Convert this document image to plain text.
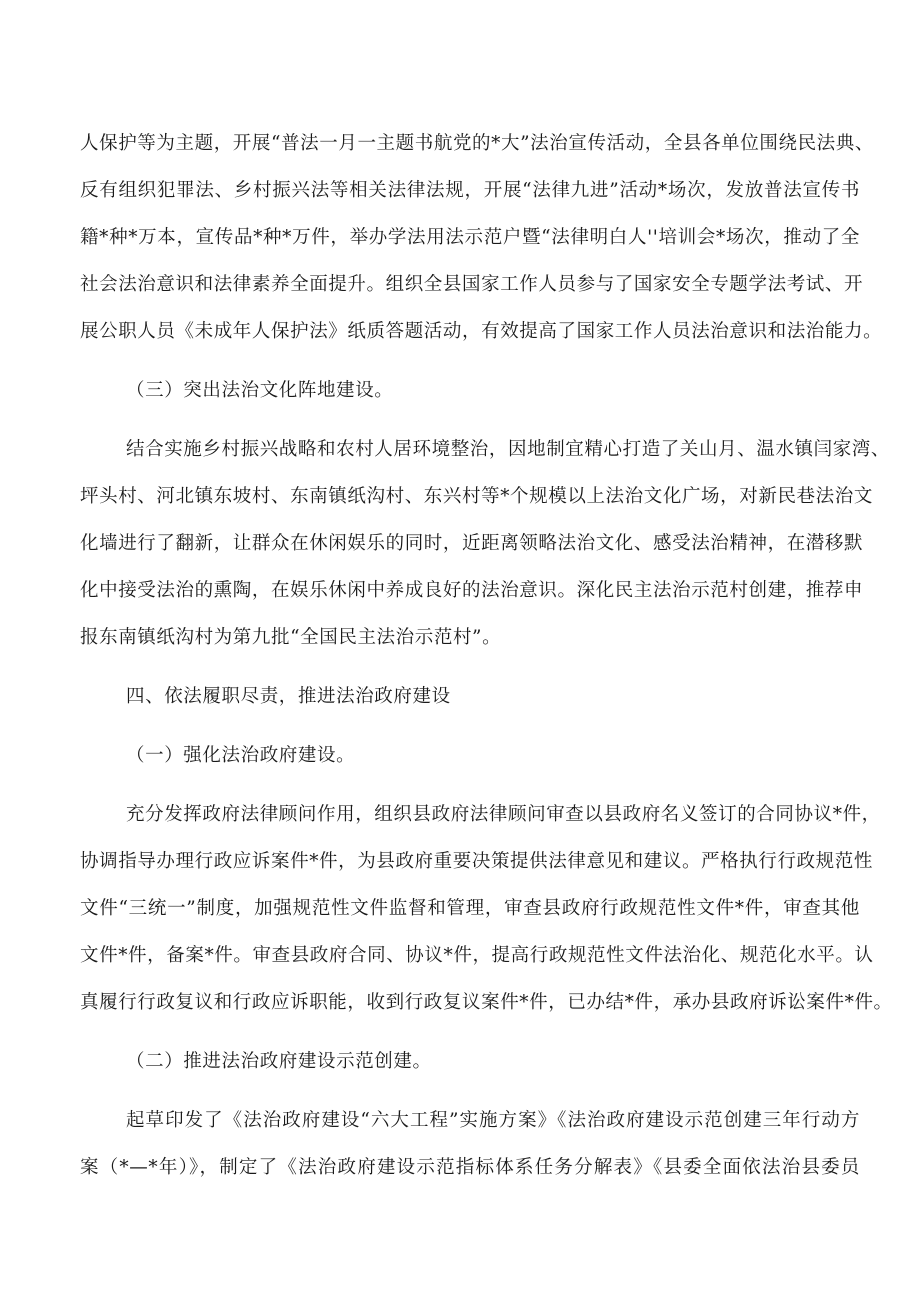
人保护等为主题，开展“普法一月一主题书航党的*大”法治宣传活动，全县各单位围绕民法典、
反有组织犯罪法、乡村振兴法等相关法律法规，开展“法律九进”活动*场次，发放普法宣传书
籍*种*万本，宣传品*种*万件，举办学法用法示范户暨“法律明白人''培训会*场次，推动了全
社会法治意识和法律素养全面提升。组织全县国家工作人员参与了国家安全专题学法考试、开
展公职人员《未成年人保护法》纸质答题活动，有效提高了国家工作人员法治意识和法治能力。
（三）突出法治文化阵地建设。
结合实施乡村振兴战略和农村人居环境整治，因地制宜精心打造了关山月、温水镇闫家湾、
坪头村、河北镇东坡村、东南镇纸沟村、东兴村等*个规模以上法治文化广场，对新民巷法治文
化墙进行了翻新，让群众在休闲娱乐的同时，近距离领略法治文化、感受法治精神，在潜移默
化中接受法治的熏陶，在娱乐休闲中养成良好的法治意识。深化民主法治示范村创建，推荐申
报东南镇纸沟村为第九批“全国民主法治示范村”。
四、依法履职尽责，推进法治政府建设
（一）强化法治政府建设。
充分发挥政府法律顾问作用，组织县政府法律顾问审查以县政府名义签订的合同协议*件，
协调指导办理行政应诉案件*件，为县政府重要决策提供法律意见和建议。严格执行行政规范性
文件“三统一”制度，加强规范性文件监督和管理，审查县政府行政规范性文件*件，审查其他
文件*件，备案*件。审查县政府合同、协议*件，提高行政规范性文件法治化、规范化水平。认
真履行行政复议和行政应诉职能，收到行政复议案件*件，已办结*件，承办县政府诉讼案件*件。
（二）推进法治政府建设示范创建。
起草印发了《法治政府建设“六大工程”实施方案》《法治政府建设示范创建三年行动方
案（*—*年）》，制定了《法治政府建设示范指标体系任务分解表》《县委全面依法治县委员
